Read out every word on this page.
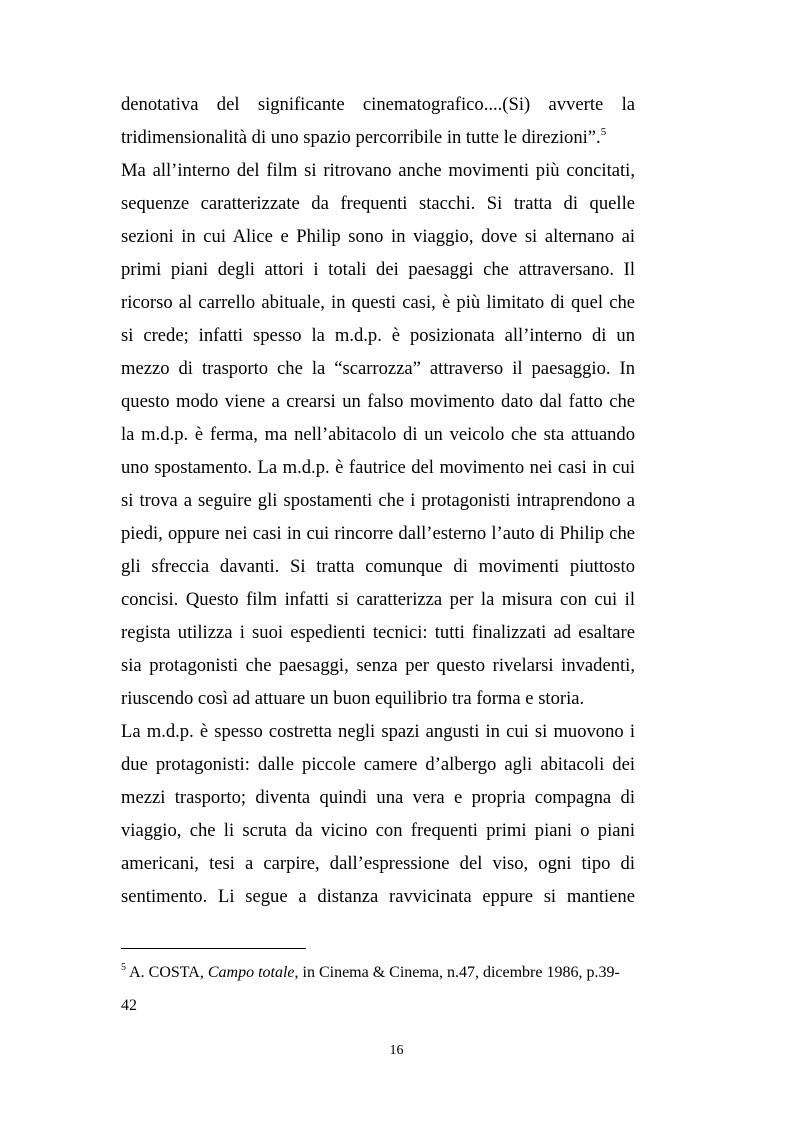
denotativa del significante cinematografico....(Si) avverte la
tridimensionalità di uno spazio percorribile in tutte le direzioni”.$^5$
Ma all’interno del film si ritrovano anche movimenti più concitati,
sequenze caratterizzate da frequenti stacchi. Si tratta di quelle
sezioni in cui Alice e Philip sono in viaggio, dove si alternano ai
primi piani degli attori i totali dei paesaggi che attraversano. Il
ricorso al carrello abituale, in questi casi, è più limitato di quel che
si crede; infatti spesso la m.d.p. è posizionata all’interno di un
mezzo di trasporto che la “scarrozza” attraverso il paesaggio. In
questo modo viene a crearsi un falso movimento dato dal fatto che
la m.d.p. è ferma, ma nell’abitacolo di un veicolo che sta attuando
uno spostamento. La m.d.p. è fautrice del movimento nei casi in cui
si trova a seguire gli spostamenti che i protagonisti intraprendono a
piedi, oppure nei casi in cui rincorre dall’esterno l’auto di Philip che
gli sfreccia davanti. Si tratta comunque di movimenti piuttosto
concisi. Questo film infatti si caratterizza per la misura con cui il
regista utilizza i suoi espedienti tecnici: tutti finalizzati ad esaltare
sia protagonisti che paesaggi, senza per questo rivelarsi invadenti,
riuscendo così ad attuare un buon equilibrio tra forma e storia.
La m.d.p. è spesso costretta negli spazi angusti in cui si muovono i
due protagonisti: dalle piccole camere d’albergo agli abitacoli dei
mezzi trasporto; diventa quindi una vera e propria compagna di
viaggio, che li scruta da vicino con frequenti primi piani o piani
americani, tesi a carpire, dall’espressione del viso, ogni tipo di
sentimento. Li segue a distanza ravvicinata eppure si mantiene
$^5$ A. COSTA, Campo totale, in Cinema & Cinema, n.47, dicembre 1986, p.39-
42
16
